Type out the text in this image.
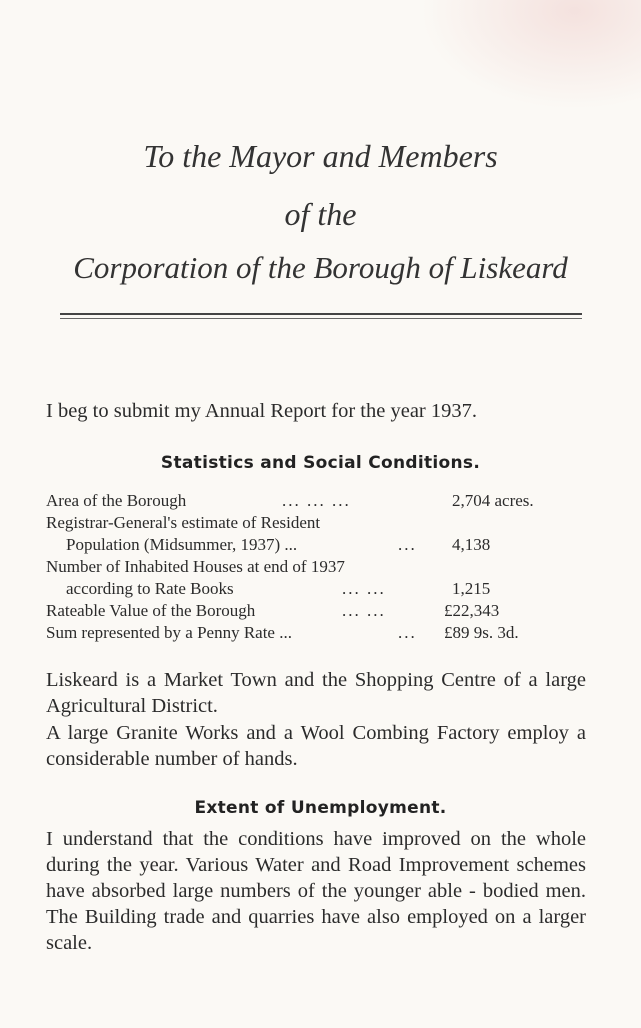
To the Mayor and Members
of the
Corporation of the Borough of Liskeard
I beg to submit my Annual Report for the year 1937.
Statistics and Social Conditions.
Area of the Borough	... ... ...	2,704 acres.
Registrar-General's estimate of Resident
Population (Midsummer, 1937) ...	... 4,138
Number of Inhabited Houses at end of 1937
according to Rate Books	... ...	1,215
Rateable Value of the Borough	... ...	£22,343
Sum represented by a Penny Rate ...	... £89 9s. 3d.
Liskeard is a Market Town and the Shopping Centre of a large Agricultural District.
A large Granite Works and a Wool Combing Factory employ a considerable number of hands.
Extent of Unemployment.
I understand that the conditions have improved on the whole during the year. Various Water and Road Improvement schemes have absorbed large numbers of the younger able - bodied men. The Building trade and quarries have also employed on a larger scale.
